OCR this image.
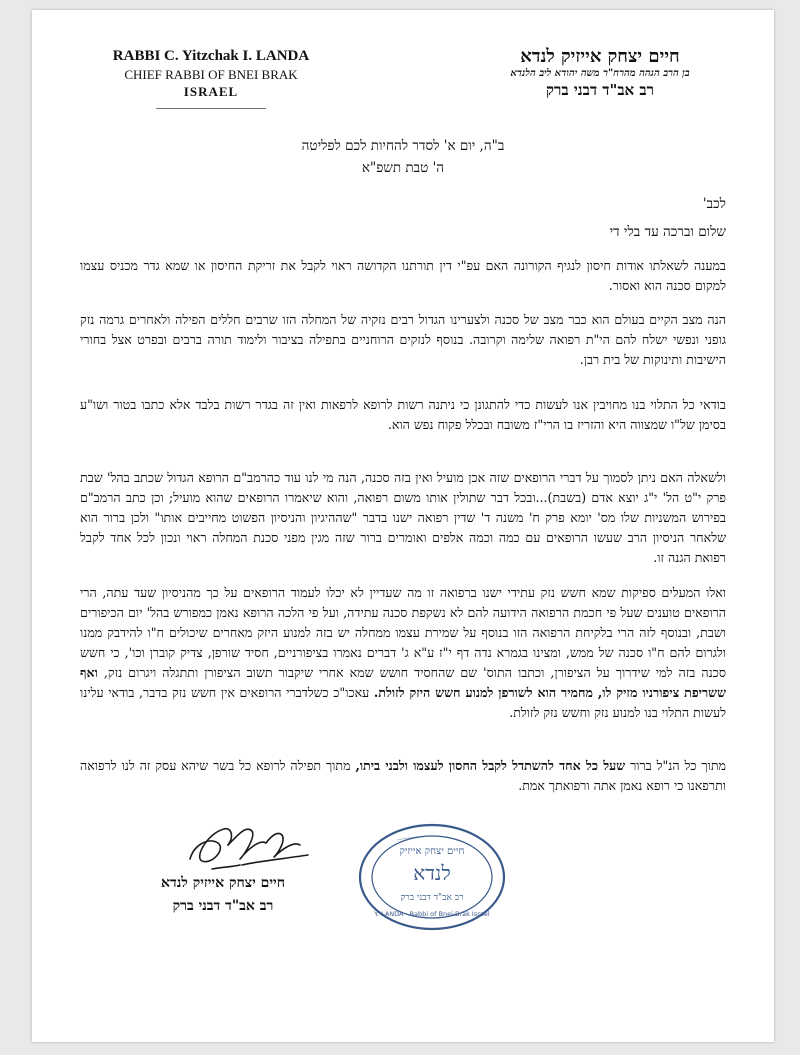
RABBI C. Yitzchak I. LANDA
CHIEF RABBI OF BNEI BRAK
ISRAEL
חיים יצחק אייזיק לנדא
בן הרב הגהה מהרח"ר משה יהודא ליב הלנדא
רב אב"ד דבני ברק
ב"ה, יום א' לסדר להחיות לכם לפליטה
ה' טבת תשפ"א
לכב'
שלום וברכה עד בלי די
במענה לשאלתו אודות חיסון לנגיף הקורונה האם עפ"י דין תורתנו הקדושה ראוי לקבל את זריקת החיסון או שמא גדר מכניס עצמו למקום סכנה הוא ואסור.
הנה מצב הקיים בעולם הוא כבר מצב של סכנה ולצערינו הגדול רבים נזקיה של המחלה הזו שרבים חללים הפילה ולאחרים גרמה נזק גופני ונפשי ישלח להם הי"ת רפואה שלימה וקרובה. בנוסף לנזקים הרוחניים בתפילה בציבור ולימוד תורה ברבים ובפרט אצל בחורי הישיבות ותינוקות של בית רבן.
בודאי כל התלוי בנו מחויבין אנו לעשות כדי להתגונן כי ניתנה רשות לרופא לרפאות ואין זה בגדר רשות בלבד אלא כתבו בטור ושו"ע בסימן של"ו שמצווה היא והזריז בו הרי"ז משובח ובכלל פקוח נפש הוא.
ולשאלה האם ניתן לסמוך על דברי הרופאים שזה אכן מועיל ואין בזה סכנה, הנה מי לנו עוד כהרמב"ם הרופא הגדול שכתב בהל' שבת פרק י"ט הל' י"ג יוצא אדם (בשבת)...ובכל דבר שתולין אותו משום רפואה, והוא שיאמרו הרופאים שהוא מועיל; וכן כתב הרמב"ם בפירוש המשניות שלו מס' יומא פרק ח' משנה ד' שדין רפואה ישנו בדבר "שההיגיון והניסיון הפשוט מחייבים אותו" ולכן ברור הוא שלאחר הניסיון הרב שעשו הרופאים עם כמה וכמה אלפים ואומרים ברור שזה מגין מפני סכנת המחלה ראוי ונכון לכל אחד לקבל רפואת הגנה זו.
ואלו המעלים ספיקות שמא חשש נזק עתידי ישנו ברפואה זו מה שעדיין לא יכלו לעמוד הרופאים על כך מהניסיון שעד עתה, הרי הרופאים טוענים שעל פי חכמת הרפואה הידועה להם לא נשקפת סכנה עתידה, ועל פי הלכה הרופא נאמן כמפורש בהל' יום הכיפורים ושבת, ובנוסף לזה הרי בלקיחת הרפואה הזו בנוסף על שמירת עצמו ממחלה יש בזה למנוע היזק מאחרים שיכולים ח"ו להידבק ממנו ולגרום להם ח"ו סכנה של ממש, ומצינו בגמרא נדה דף י"ז ע"א ג' דברים נאמרו בציפורניים, חסיד שורפן, צדיק קוברן וכו', כי חשש סכנה בזה למי שידרוך על הציפורן, וכתבו התוס' שם שהחסיד חושש שמא אחרי שיקבור תשוב הציפורן ותתגלה ויגרום נזק, ואף ששריפת ציפורניו מזיק לו, מחמיר הוא לשורפן למנוע חשש היזק לזולת. עאכו"כ כשלדברי הרופאים אין חשש נזק בדבר, בודאי עלינו לעשות התלוי בנו למנוע נזק וחשש נזק לזולת.
מתוך כל הנ"ל ברור שעל כל אחד להשתדל לקבל החסון לעצמו ולבני ביתו, מתוך תפילה לרופא כל בשר שיהא עסק זה לנו לרפואה ותרפאנו כי רופא נאמן אתה ורפואתך אמת.
חיים יצחק אייזיק לנדא
רב אב"ד דבני ברק
חיים יצחק אייזיק
לנדא
רב אב"ד דבני ברק
Y. LANDA · Rabbi of Bnei-Brak Israel
